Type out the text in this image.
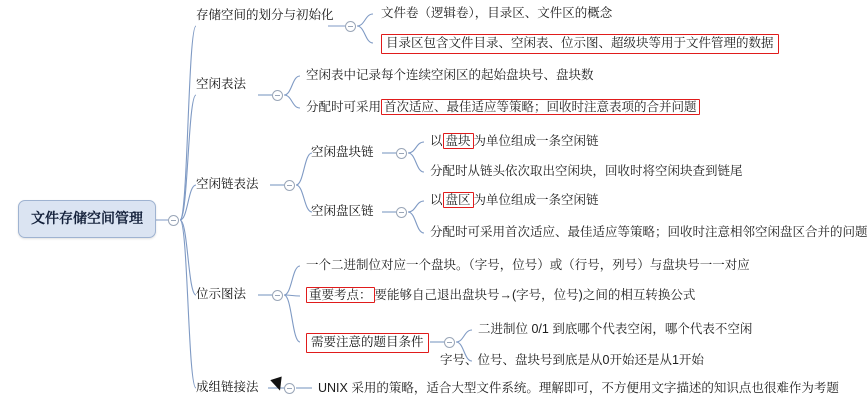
文件存储空间管理
存储空间的划分与初始化	文件卷（逻辑卷），目录区、文件区的概念
目录区包含文件目录、空闲表、位示图、超级块等用于文件管理的数据
空闲表法
空闲表中记录每个连续空闲区的起始盘块号、盘块数
分配时可采用 首次适应、最佳适应等策略；回收时注意表项的合并问题
空闲链表法
空闲盘块链
以 盘块 为单位组成一条空闲链
分配时从链头依次取出空闲块，回收时将空闲块查到链尾
空闲盘区链
以 盘区 为单位组成一条空闲链
分配时可采用首次适应、最佳适应等策略；回收时注意相邻空闲盘区合并的问题
位示图法
一个二进制位对应一个盘块。（字号，位号）或（行号，列号）与盘块号一一对应
重要考点： 要能够自己退出盘块号→(字号，位号)之间的相互转换公式
需要注意的题目条件
二进制位 0/1 到底哪个代表空闲，哪个代表不空闲
字号、位号、盘块号到底是从0开始还是从1开始
成组链接法	UNIX 采用的策略，适合大型文件系统。理解即可，不方便用文字描述的知识点也很难作为考题
